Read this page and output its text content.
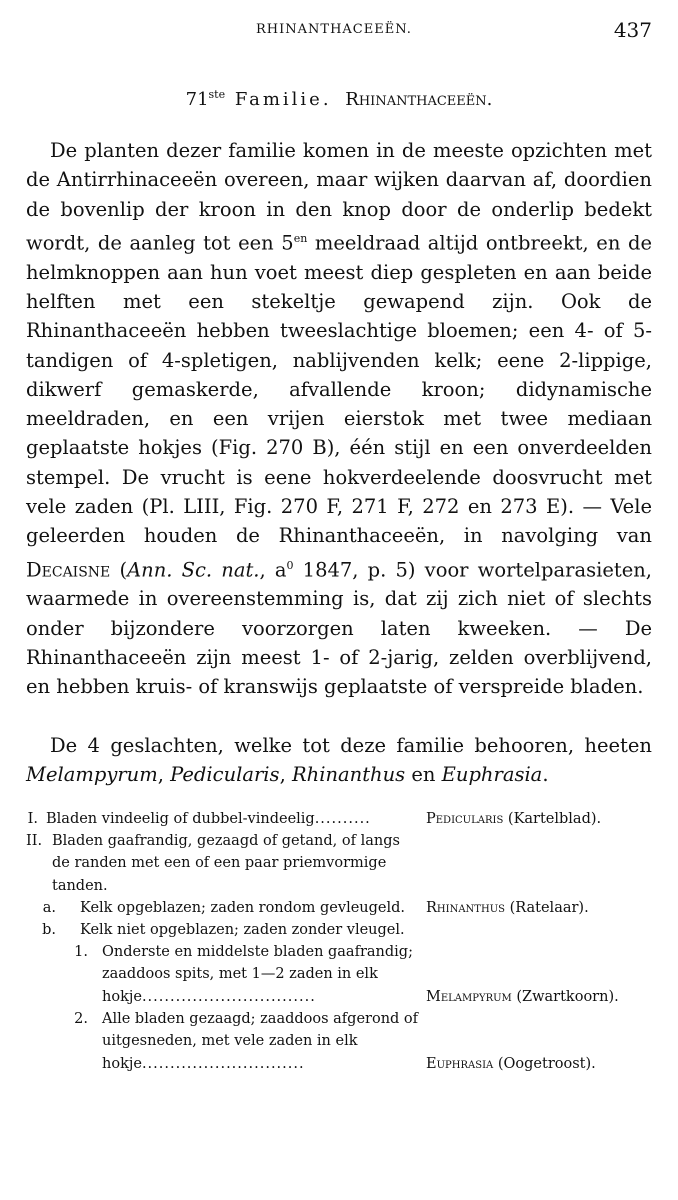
RHINANTHACEEËN.	437
71ste Familie. Rhinanthaceeën.

De planten dezer familie komen in de meeste opzichten met de Antirrhinaceeën overeen, maar wijken daarvan af, doordien de bovenlip der kroon in den knop door de onderlip bedekt wordt, de aanleg tot een $5^{en}$ meeldraad altijd ontbreekt, en de helmknoppen aan hun voet meest diep gespleten en aan beide helften met een stekeltje gewapend zijn. Ook de Rhinanthaceeën hebben tweeslachtige bloemen; een 4- of 5-tandigen of 4-spletigen, nablijvenden kelk; eene 2-lippige, dikwerf gemaskerde, afvallende kroon; didynamische meeldraden, en een vrijen eierstok met twee mediaan geplaatste hokjes (Fig. 270 B), één stijl en een onverdeelden stempel. De vrucht is eene hokverdeelende doosvrucht met vele zaden (Pl. LIII, Fig. 270 F, 271 F, 272 en 273 E). — Vele geleerden houden de Rhinanthaceeën, in navolging van Decaisne (Ann. Sc. nat., $a^0$ 1847, p. 5) voor wortelparasieten, waarmede in overeenstemming is, dat zij zich niet of slechts onder bijzondere voorzorgen laten kweeken. — De Rhinanthaceeën zijn meest 1- of 2-jarig, zelden overblijvend, en hebben kruis- of kranswijs geplaatste of verspreide bladen.

De 4 geslachten, welke tot deze familie behooren, heeten Melampyrum, Pedicularis, Rhinanthus en Euphrasia.

I. Bladen vindeelig of dubbel-vindeelig..........	Pedicularis (Kartelblad).
II. Bladen gaafrandig, gezaagd of getand, of langs de randen met een of een paar priemvormige tanden.
a. Kelk opgeblazen; zaden rondom gevleugeld.	Rhinanthus (Ratelaar).
b. Kelk niet opgeblazen; zaden zonder vleugel.
1. Onderste en middelste bladen gaafrandig; zaaddoos spits, met 1—2 zaden in elk hokje...............................	Melampyrum (Zwartkoorn).
2. Alle bladen gezaagd; zaaddoos afgerond of uitgesneden, met vele zaden in elk hokje.............................	Euphrasia (Oogetroost).
